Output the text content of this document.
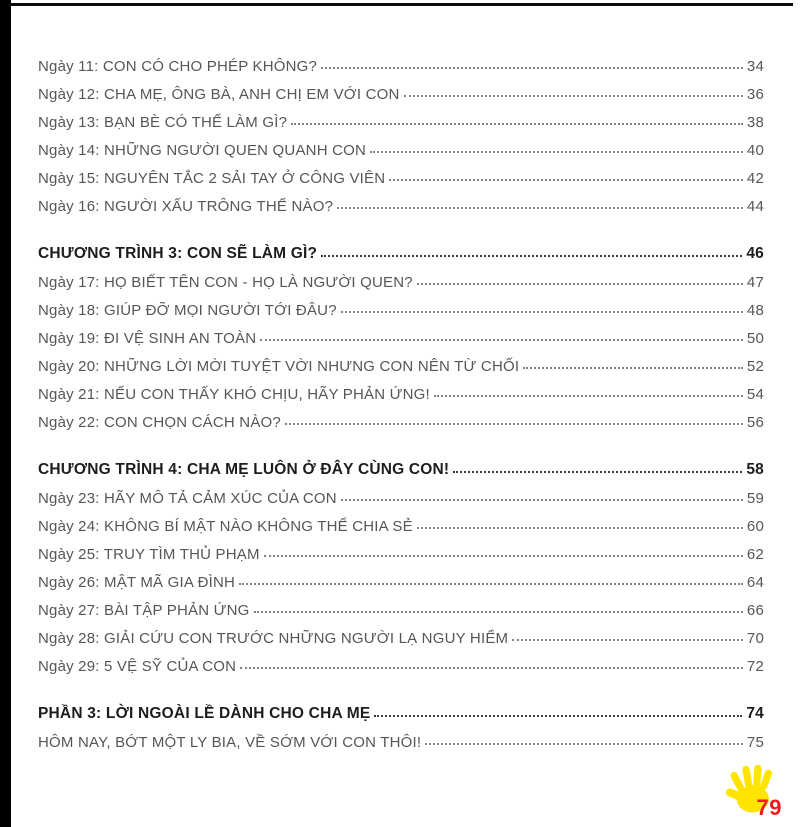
Ngày 11: CON CÓ CHO PHÉP KHÔNG?	34
Ngày 12: CHA MẸ, ÔNG BÀ, ANH CHỊ EM VỚI CON	36
Ngày 13: BẠN BÈ CÓ THỂ LÀM GÌ?	38
Ngày 14: NHỮNG NGƯỜI QUEN QUANH CON	40
Ngày 15: NGUYÊN TẮC 2 SẢI TAY Ở CÔNG VIÊN	42
Ngày 16: NGƯỜI XẤU TRÔNG THẾ NÀO?	44
CHƯƠNG TRÌNH 3: CON SẼ LÀM GÌ?	46
Ngày 17: HỌ BIẾT TÊN CON - HỌ LÀ NGƯỜI QUEN?	47
Ngày 18: GIÚP ĐỠ MỌI NGƯỜI TỚI ĐÂU?	48
Ngày 19: ĐI VỆ SINH AN TOÀN	50
Ngày 20: NHỮNG LỜI MỜI TUYỆT VỜI NHƯNG CON NÊN TỪ CHỐI	52
Ngày 21: NẾU CON THẤY KHÓ CHỊU, HÃY PHẢN ỨNG!	54
Ngày 22: CON CHỌN CÁCH NÀO?	56
CHƯƠNG TRÌNH 4: CHA MẸ LUÔN Ở ĐÂY CÙNG CON!	58
Ngày 23: HÃY MÔ TẢ CẢM XÚC CỦA CON	59
Ngày 24: KHÔNG BÍ MẬT NÀO KHÔNG THỂ CHIA SẺ	60
Ngày 25: TRUY TÌM THỦ PHẠM	62
Ngày 26: MẬT MÃ GIA ĐÌNH	64
Ngày 27: BÀI TẬP PHẢN ỨNG	66
Ngày 28: GIẢI CỨU CON TRƯỚC NHỮNG NGƯỜI LẠ NGUY HIỂM	70
Ngày 29: 5 VỆ SỸ CỦA CON	72
PHẦN 3: LỜI NGOÀI LỀ DÀNH CHO CHA MẸ	74
HÔM NAY, BỚT MỘT LY BIA, VỀ SỚM VỚI CON THÔI!	75
79
